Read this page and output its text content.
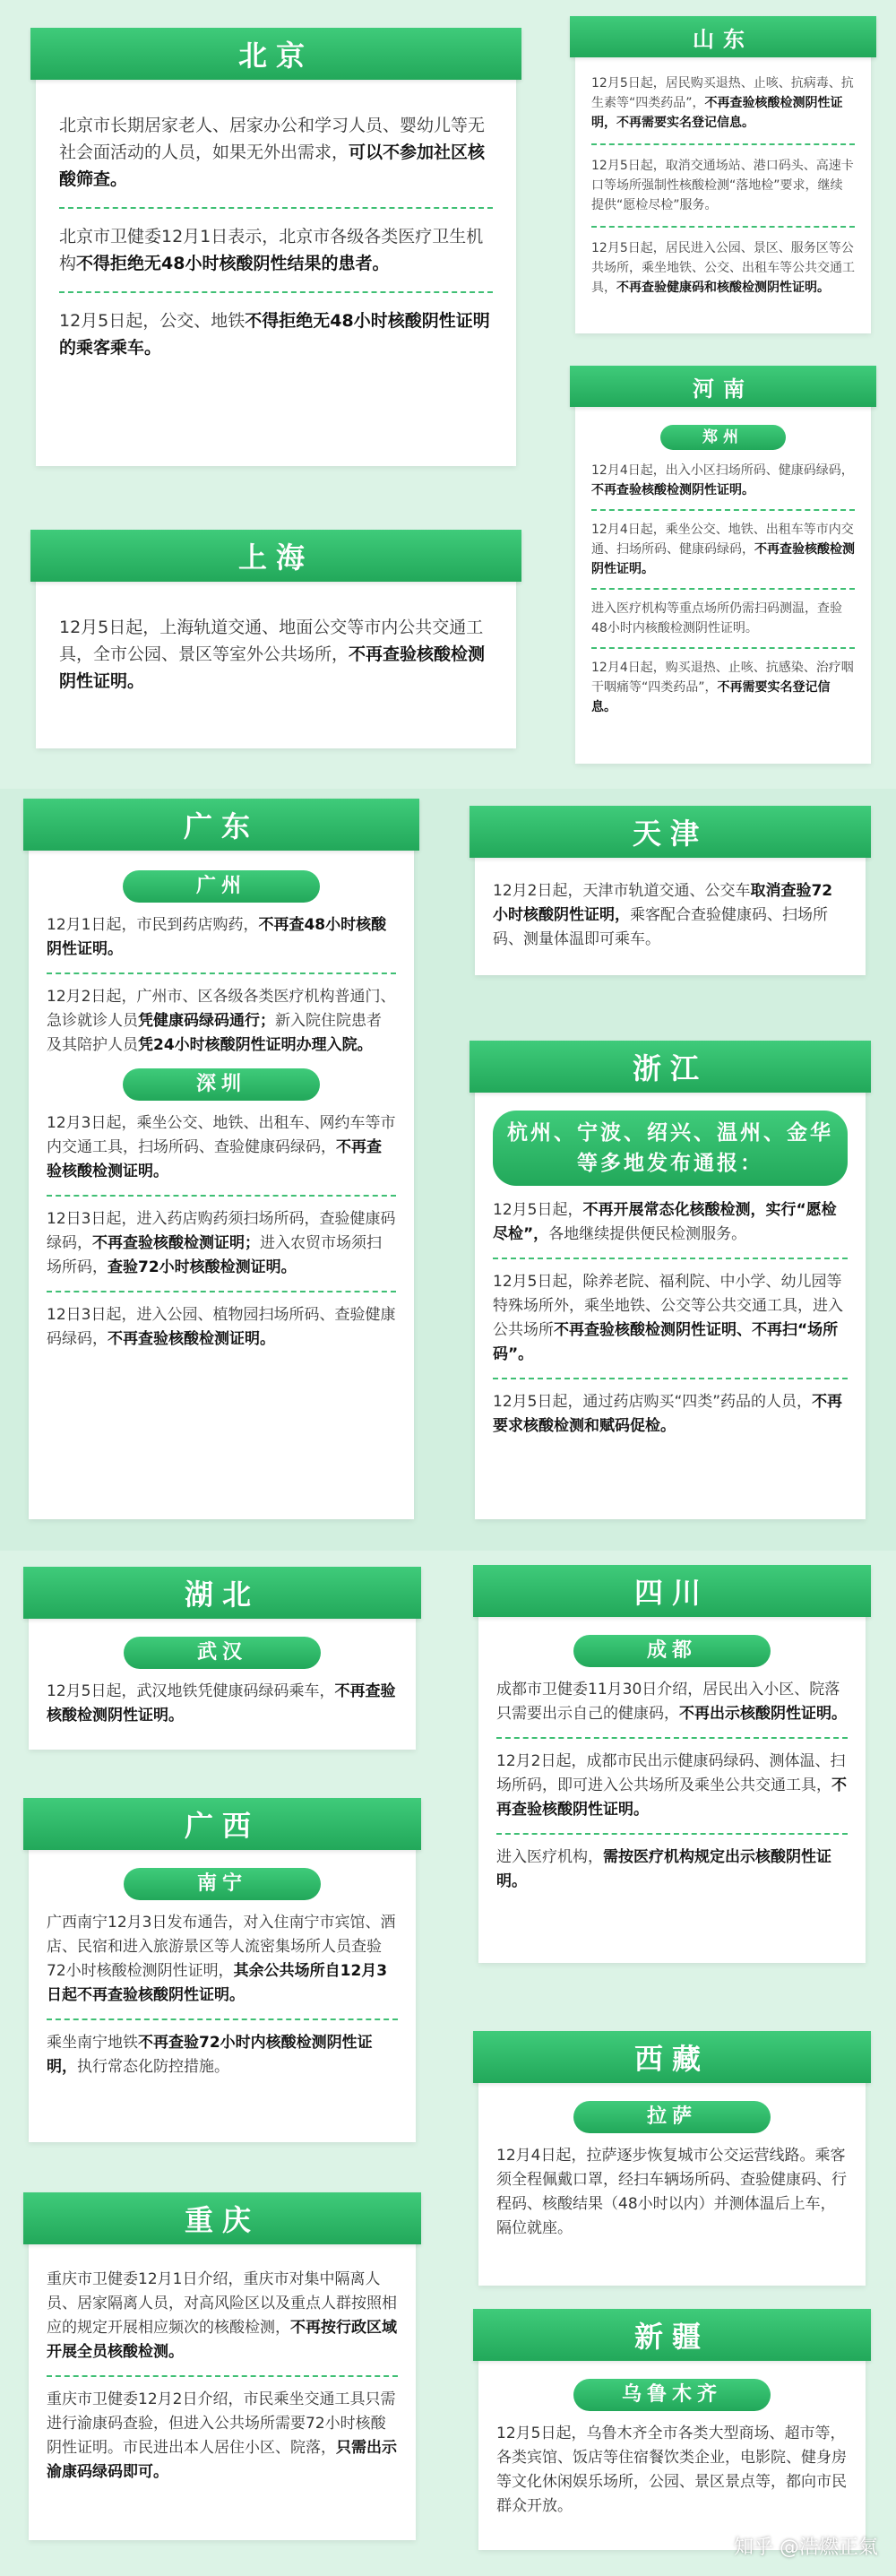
北京

北京市长期居家老人、居家办公和学习人员、婴幼儿等无社会面活动的人员，如果无外出需求，可以不参加社区核酸筛查。

北京市卫健委12月1日表示，北京市各级各类医疗卫生机构不得拒绝无48小时核酸阴性结果的患者。

12月5日起，公交、地铁不得拒绝无48小时核酸阴性证明的乘客乘车。

上海

12月5日起，上海轨道交通、地面公交等市内公共交通工具，全市公园、景区等室外公共场所，不再查验核酸检测阴性证明。

山东

12月5日起，居民购买退热、止咳、抗病毒、抗生素等“四类药品”，不再查验核酸检测阴性证明，不再需要实名登记信息。

12月5日起，取消交通场站、港口码头、高速卡口等场所强制性核酸检测“落地检”要求，继续提供“愿检尽检”服务。

12月5日起，居民进入公园、景区、服务区等公共场所，乘坐地铁、公交、出租车等公共交通工具，不再查验健康码和核酸检测阴性证明。

河南
郑州

12月4日起，出入小区扫场所码、健康码绿码，不再查验核酸检测阴性证明。

12月4日起，乘坐公交、地铁、出租车等市内交通、扫场所码、健康码绿码，不再查验核酸检测阴性证明。

进入医疗机构等重点场所仍需扫码测温，查验48小时内核酸检测阴性证明。

12月4日起，购买退热、止咳、抗感染、治疗咽干咽痛等“四类药品”，不再需要实名登记信息。

广东
广州

12月1日起，市民到药店购药，不再查48小时核酸阴性证明。

12月2日起，广州市、区各级各类医疗机构普通门、急诊就诊人员凭健康码绿码通行；新入院住院患者及其陪护人员凭24小时核酸阴性证明办理入院。

深圳

12月3日起，乘坐公交、地铁、出租车、网约车等市内交通工具，扫场所码、查验健康码绿码，不再查验核酸检测证明。

12日3日起，进入药店购药须扫场所码，查验健康码绿码，不再查验核酸检测证明；进入农贸市场须扫场所码，查验72小时核酸检测证明。

12日3日起，进入公园、植物园扫场所码、查验健康码绿码，不再查验核酸检测证明。

天津

12月2日起，天津市轨道交通、公交车取消查验72小时核酸阴性证明，乘客配合查验健康码、扫场所码、测量体温即可乘车。

浙江
杭州、宁波、绍兴、温州、金华等多地发布通报：

12月5日起，不再开展常态化核酸检测，实行“愿检尽检”，各地继续提供便民检测服务。

12月5日起，除养老院、福利院、中小学、幼儿园等特殊场所外，乘坐地铁、公交等公共交通工具，进入公共场所不再查验核酸检测阴性证明、不再扫“场所码”。

12月5日起，通过药店购买“四类”药品的人员，不再要求核酸检测和赋码促检。

湖北
武汉

12月5日起，武汉地铁凭健康码绿码乘车，不再查验核酸检测阴性证明。

广西
南宁

广西南宁12月3日发布通告，对入住南宁市宾馆、酒店、民宿和进入旅游景区等人流密集场所人员查验72小时核酸检测阴性证明，其余公共场所自12月3日起不再查验核酸阴性证明。

乘坐南宁地铁不再查验72小时内核酸检测阴性证明，执行常态化防控措施。

重庆

重庆市卫健委12月1日介绍，重庆市对集中隔离人员、居家隔离人员，对高风险区以及重点人群按照相应的规定开展相应频次的核酸检测，不再按行政区域开展全员核酸检测。

重庆市卫健委12月2日介绍，市民乘坐交通工具只需进行渝康码查验，但进入公共场所需要72小时核酸阴性证明。市民进出本人居住小区、院落，只需出示渝康码绿码即可。

四川
成都

成都市卫健委11月30日介绍，居民出入小区、院落只需要出示自己的健康码，不再出示核酸阴性证明。

12月2日起，成都市民出示健康码绿码、测体温、扫场所码，即可进入公共场所及乘坐公共交通工具，不再查验核酸阴性证明。

进入医疗机构，需按医疗机构规定出示核酸阴性证明。

西藏
拉萨

12月4日起，拉萨逐步恢复城市公交运营线路。乘客须全程佩戴口罩，经扫车辆场所码、查验健康码、行程码、核酸结果（48小时以内）并测体温后上车，隔位就座。

新疆
乌鲁木齐

12月5日起，乌鲁木齐全市各类大型商场、超市等，各类宾馆、饭店等住宿餐饮类企业，电影院、健身房等文化休闲娱乐场所，公园、景区景点等，都向市民群众开放。

知乎 @浩燃正氣
